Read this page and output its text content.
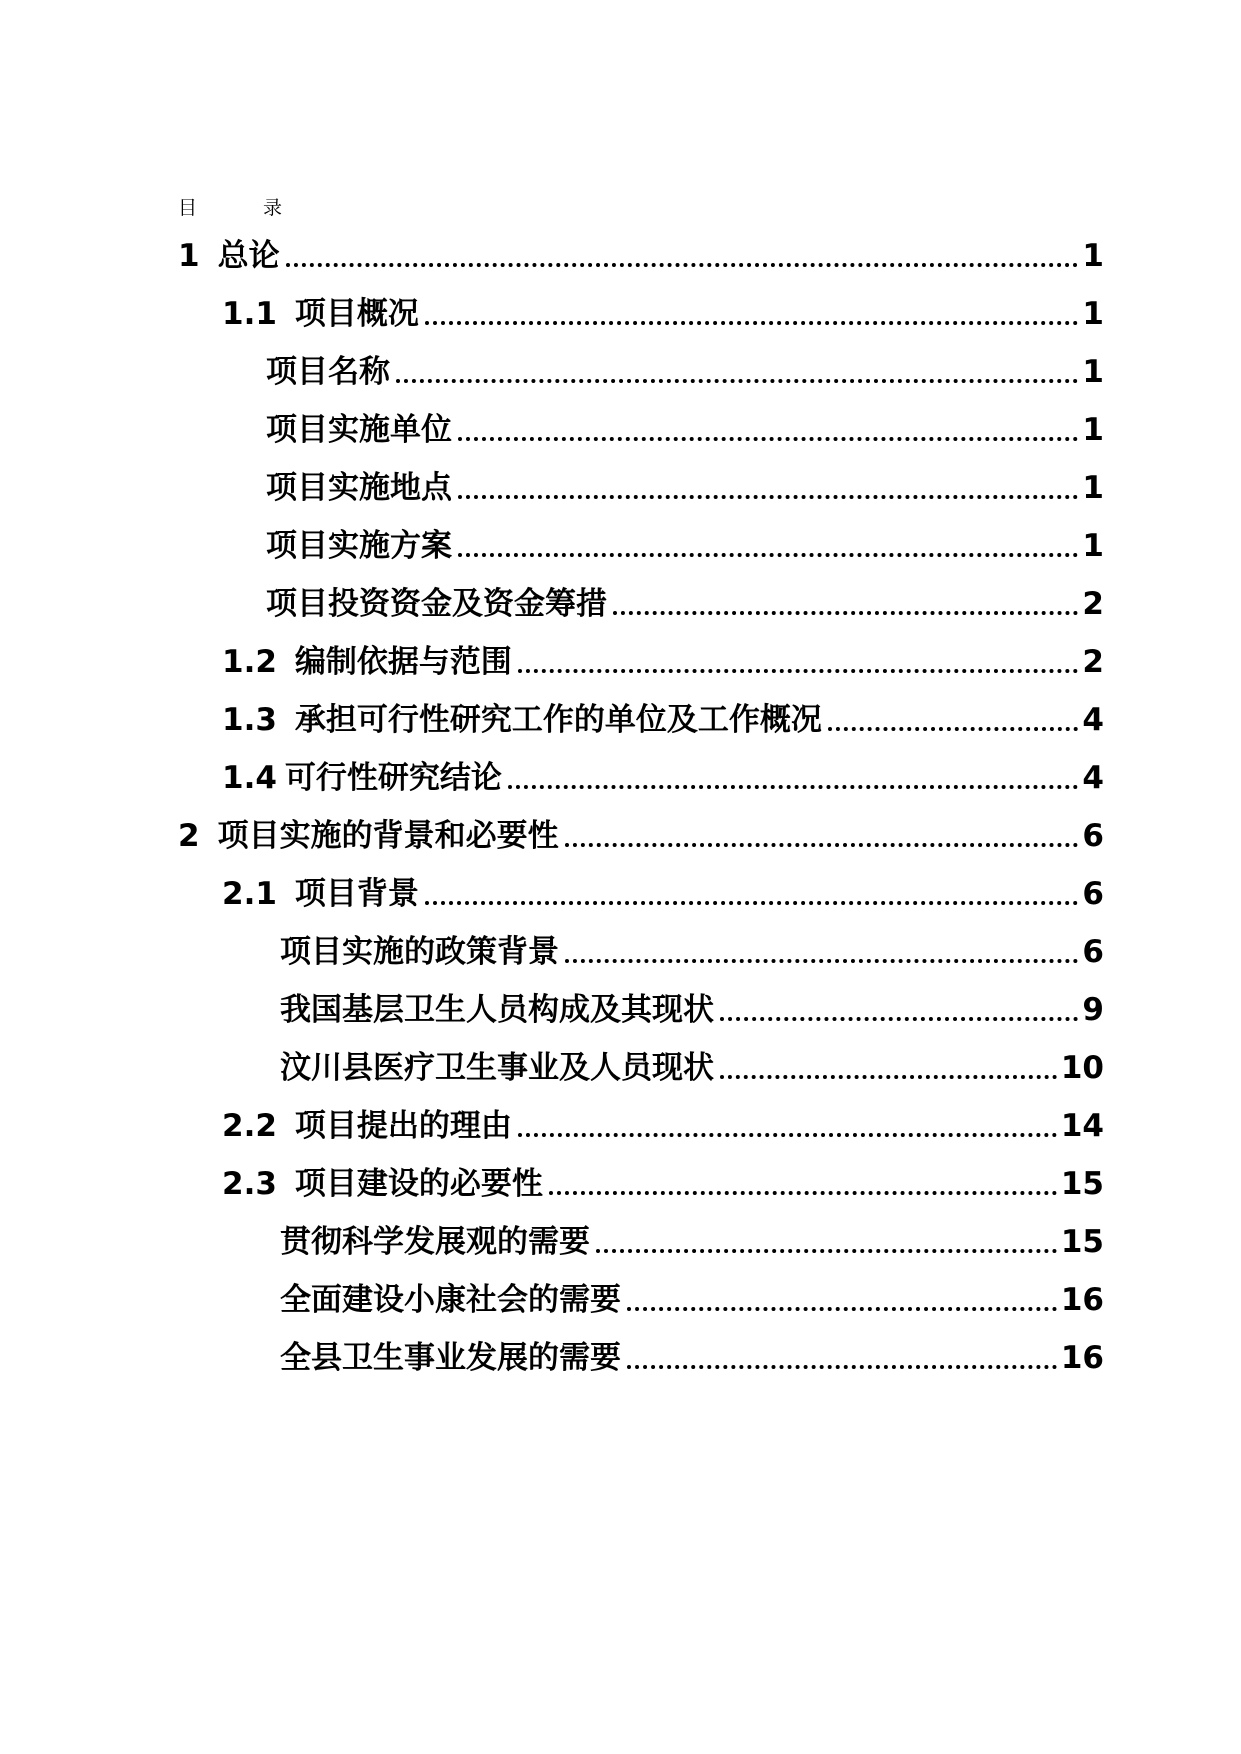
目 录
1 总论	1
1.1 项目概况	1
项目名称	1
项目实施单位	1
项目实施地点	1
项目实施方案	1
项目投资资金及资金筹措	2
1.2 编制依据与范围	2
1.3 承担可行性研究工作的单位及工作概况	4
1.4 可行性研究结论	4
2 项目实施的背景和必要性	6
2.1 项目背景	6
项目实施的政策背景	6
我国基层卫生人员构成及其现状	9
汶川县医疗卫生事业及人员现状	10
2.2 项目提出的理由	14
2.3 项目建设的必要性	15
贯彻科学发展观的需要	15
全面建设小康社会的需要	16
全县卫生事业发展的需要	16
